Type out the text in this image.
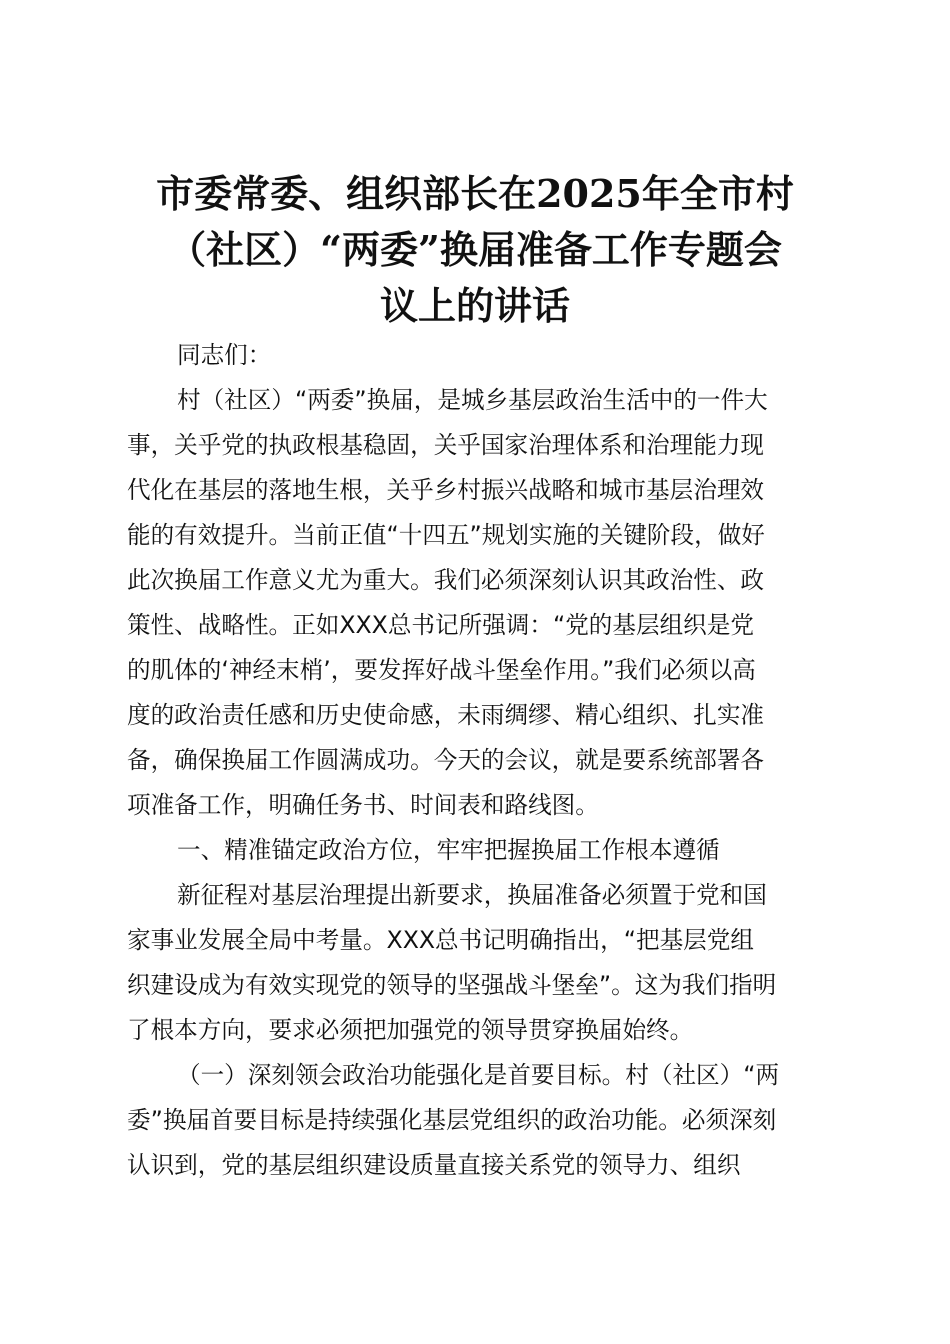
市委常委、组织部长在2025年全市村
（社区）“两委”换届准备工作专题会
议上的讲话
同志们：
村（社区）“两委”换届，是城乡基层政治生活中的一件大
事，关乎党的执政根基稳固，关乎国家治理体系和治理能力现
代化在基层的落地生根，关乎乡村振兴战略和城市基层治理效
能的有效提升。当前正值“十四五”规划实施的关键阶段，做好
此次换届工作意义尤为重大。我们必须深刻认识其政治性、政
策性、战略性。正如XXX总书记所强调：“党的基层组织是党
的肌体的‘神经末梢’，要发挥好战斗堡垒作用。”我们必须以高
度的政治责任感和历史使命感，未雨绸缪、精心组织、扎实准
备，确保换届工作圆满成功。今天的会议，就是要系统部署各
项准备工作，明确任务书、时间表和路线图。
一、精准锚定政治方位，牢牢把握换届工作根本遵循
新征程对基层治理提出新要求，换届准备必须置于党和国
家事业发展全局中考量。XXX总书记明确指出，“把基层党组
织建设成为有效实现党的领导的坚强战斗堡垒”。这为我们指明
了根本方向，要求必须把加强党的领导贯穿换届始终。
（一）深刻领会政治功能强化是首要目标。村（社区）“两
委”换届首要目标是持续强化基层党组织的政治功能。必须深刻
认识到，党的基层组织建设质量直接关系党的领导力、组织
